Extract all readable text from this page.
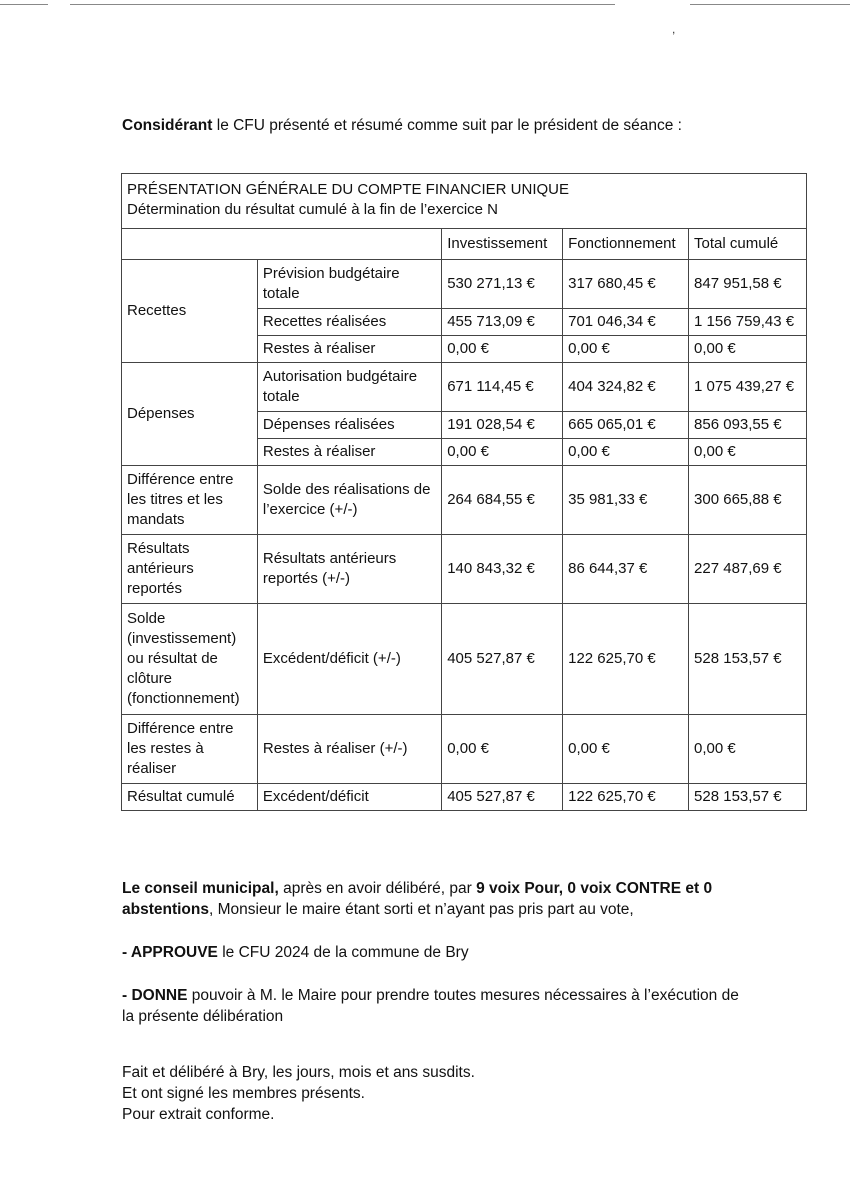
,
Considérant le CFU présenté et résumé comme suit par le président de séance :
PRÉSENTATION GÉNÉRALE DU COMPTE FINANCIER UNIQUE
Détermination du résultat cumulé à la fin de l’exercice N				

		Investissement	Fonctionnement	Total cumulé
Recettes	Prévision budgétaire totale	530 271,13 €	317 680,45 €	847 951,58 €
	Recettes réalisées	455 713,09 €	701 046,34 €	1 156 759,43 €
	Restes à réaliser	0,00 €	0,00 €	0,00 €
Dépenses	Autorisation budgétaire totale	671 114,45 €	404 324,82 €	1 075 439,27 €
	Dépenses réalisées	191 028,54 €	665 065,01 €	856 093,55 €
	Restes à réaliser	0,00 €	0,00 €	0,00 €
Différence entre les titres et les mandats	Solde des réalisations de l’exercice (+/-)	264 684,55 €	35 981,33 €	300 665,88 €
Résultats antérieurs reportés	Résultats antérieurs reportés (+/-)	140 843,32 €	86 644,37 €	227 487,69 €
Solde (investissement) ou résultat de clôture (fonctionnement)	Excédent/déficit (+/-)	405 527,87 €	122 625,70 €	528 153,57 €
Différence entre les restes à réaliser	Restes à réaliser (+/-)	0,00 €	0,00 €	0,00 €
Résultat cumulé	Excédent/déficit	405 527,87 €	122 625,70 €	528 153,57 €
Le conseil municipal, après en avoir délibéré, par 9 voix Pour, 0 voix CONTRE et 0 abstentions, Monsieur le maire étant sorti et n’ayant pas pris part au vote,
- APPROUVE le CFU 2024 de la commune de Bry
- DONNE pouvoir à M. le Maire pour prendre toutes mesures nécessaires à l’exécution de la présente délibération
Fait et délibéré à Bry, les jours, mois et ans susdits.
Et ont signé les membres présents.
Pour extrait conforme.
